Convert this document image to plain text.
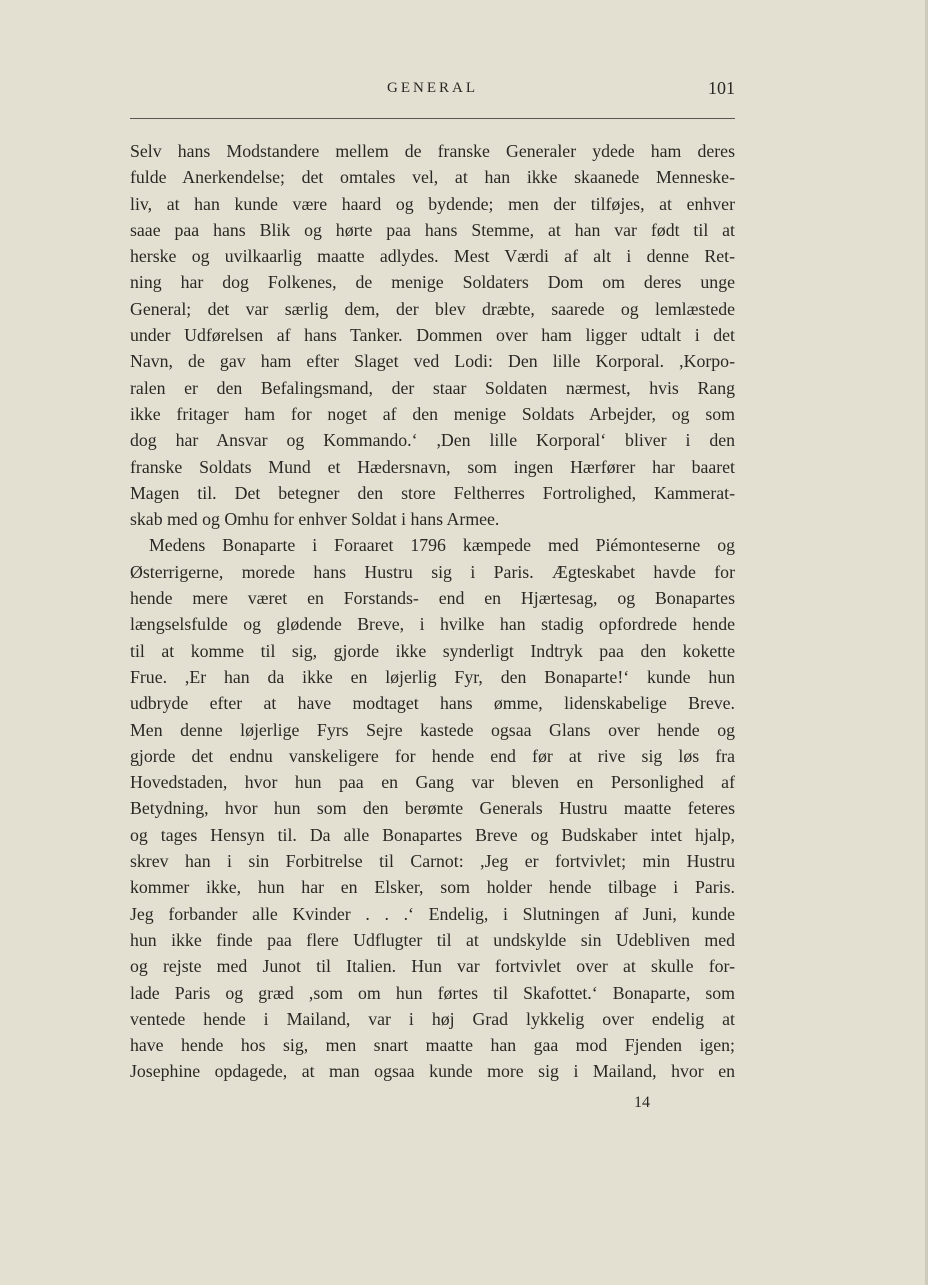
GENERAL	101
Selv hans Modstandere mellem de franske Generaler ydede ham deres
fulde Anerkendelse; det omtales vel, at han ikke skaanede Menneske-
liv, at han kunde være haard og bydende; men der tilføjes, at enhver
saae paa hans Blik og hørte paa hans Stemme, at han var født til at
herske og uvilkaarlig maatte adlydes. Mest Værdi af alt i denne Ret-
ning har dog Folkenes, de menige Soldaters Dom om deres unge
General; det var særlig dem, der blev dræbte, saarede og lemlæstede
under Udførelsen af hans Tanker. Dommen over ham ligger udtalt i det
Navn, de gav ham efter Slaget ved Lodi: Den lille Korporal. ,Korpo-
ralen er den Befalingsmand, der staar Soldaten nærmest, hvis Rang
ikke fritager ham for noget af den menige Soldats Arbejder, og som
dog har Ansvar og Kommando.‘ ,Den lille Korporal‘ bliver i den
franske Soldats Mund et Hædersnavn, som ingen Hærfører har baaret
Magen til. Det betegner den store Feltherres Fortrolighed, Kammerat-
skab med og Omhu for enhver Soldat i hans Armee.
Medens Bonaparte i Foraaret 1796 kæmpede med Piémonteserne og
Østerrigerne, morede hans Hustru sig i Paris. Ægteskabet havde for
hende mere været en Forstands- end en Hjærtesag, og Bonapartes
længselsfulde og glødende Breve, i hvilke han stadig opfordrede hende
til at komme til sig, gjorde ikke synderligt Indtryk paa den kokette
Frue. ,Er han da ikke en løjerlig Fyr, den Bonaparte!‘ kunde hun
udbryde efter at have modtaget hans ømme, lidenskabelige Breve.
Men denne løjerlige Fyrs Sejre kastede ogsaa Glans over hende og
gjorde det endnu vanskeligere for hende end før at rive sig løs fra
Hovedstaden, hvor hun paa en Gang var bleven en Personlighed af
Betydning, hvor hun som den berømte Generals Hustru maatte feteres
og tages Hensyn til. Da alle Bonapartes Breve og Budskaber intet hjalp,
skrev han i sin Forbitrelse til Carnot: ,Jeg er fortvivlet; min Hustru
kommer ikke, hun har en Elsker, som holder hende tilbage i Paris.
Jeg forbander alle Kvinder . . .‘ Endelig, i Slutningen af Juni, kunde
hun ikke finde paa flere Udflugter til at undskylde sin Udebliven med
og rejste med Junot til Italien. Hun var fortvivlet over at skulle for-
lade Paris og græd ,som om hun førtes til Skafottet.‘ Bonaparte, som
ventede hende i Mailand, var i høj Grad lykkelig over endelig at
have hende hos sig, men snart maatte han gaa mod Fjenden igen;
Josephine opdagede, at man ogsaa kunde more sig i Mailand, hvor en
14
